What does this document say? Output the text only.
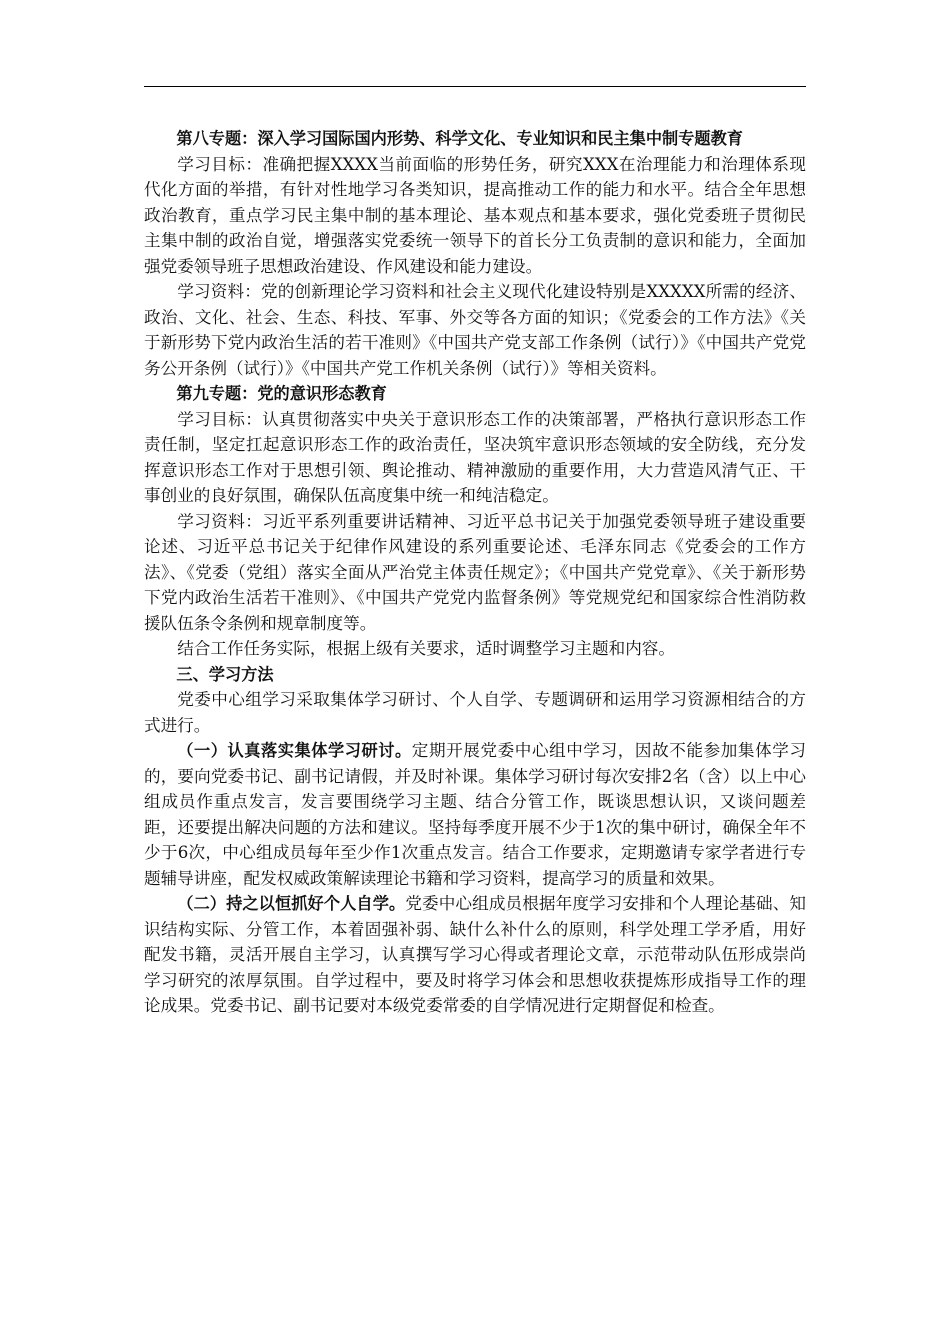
第八专题：深入学习国际国内形势、科学文化、专业知识和民主集中制专题教育

学习目标：准确把握XXXX当前面临的形势任务，研究XXX在治理能力和治理体系现代化方面的举措，有针对性地学习各类知识，提高推动工作的能力和水平。结合全年思想政治教育，重点学习民主集中制的基本理论、基本观点和基本要求，强化党委班子贯彻民主集中制的政治自觉，增强落实党委统一领导下的首长分工负责制的意识和能力，全面加强党委领导班子思想政治建设、作风建设和能力建设。

学习资料：党的创新理论学习资料和社会主义现代化建设特别是XXXXX所需的经济、政治、文化、社会、生态、科技、军事、外交等各方面的知识；《党委会的工作方法》《关于新形势下党内政治生活的若干准则》《中国共产党支部工作条例（试行）》《中国共产党党务公开条例（试行）》《中国共产党工作机关条例（试行）》等相关资料。

第九专题：党的意识形态教育

学习目标：认真贯彻落实中央关于意识形态工作的决策部署，严格执行意识形态工作责任制，坚定扛起意识形态工作的政治责任，坚决筑牢意识形态领域的安全防线，充分发挥意识形态工作对于思想引领、舆论推动、精神激励的重要作用，大力营造风清气正、干事创业的良好氛围，确保队伍高度集中统一和纯洁稳定。

学习资料：习近平系列重要讲话精神、习近平总书记关于加强党委领导班子建设重要论述、习近平总书记关于纪律作风建设的系列重要论述、毛泽东同志《党委会的工作方法》、《党委（党组）落实全面从严治党主体责任规定》；《中国共产党党章》、《关于新形势下党内政治生活若干准则》、《中国共产党党内监督条例》等党规党纪和国家综合性消防救援队伍条令条例和规章制度等。

结合工作任务实际，根据上级有关要求，适时调整学习主题和内容。

三、学习方法

党委中心组学习采取集体学习研讨、个人自学、专题调研和运用学习资源相结合的方式进行。

（一）认真落实集体学习研讨。定期开展党委中心组中学习，因故不能参加集体学习的，要向党委书记、副书记请假，并及时补课。集体学习研讨每次安排2名（含）以上中心组成员作重点发言，发言要围绕学习主题、结合分管工作，既谈思想认识，又谈问题差距，还要提出解决问题的方法和建议。坚持每季度开展不少于1次的集中研讨，确保全年不少于6次，中心组成员每年至少作1次重点发言。结合工作要求，定期邀请专家学者进行专题辅导讲座，配发权威政策解读理论书籍和学习资料，提高学习的质量和效果。

（二）持之以恒抓好个人自学。党委中心组成员根据年度学习安排和个人理论基础、知识结构实际、分管工作，本着固强补弱、缺什么补什么的原则，科学处理工学矛盾，用好配发书籍，灵活开展自主学习，认真撰写学习心得或者理论文章，示范带动队伍形成崇尚学习研究的浓厚氛围。自学过程中，要及时将学习体会和思想收获提炼形成指导工作的理论成果。党委书记、副书记要对本级党委常委的自学情况进行定期督促和检查。
